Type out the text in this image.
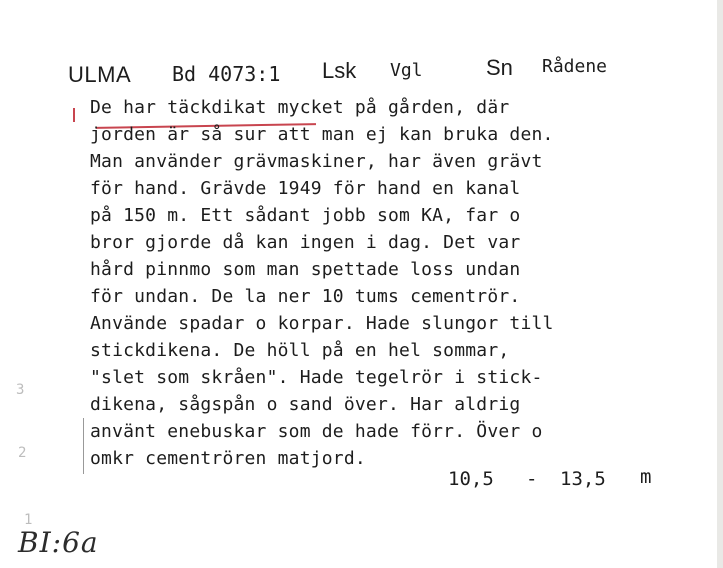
ULMA Bd 4073:1 Lsk Vgl	Sn Rådene
De har täckdikat mycket på gården, där
jorden är så sur att man ej kan bruka den.
Man använder grävmaskiner, har även grävt
för hand. Grävde 1949 för hand en kanal
på 150 m. Ett sådant jobb som KA, far o
bror gjorde då kan ingen i dag. Det var
hård pinnmo som man spettade loss undan
för undan. De la ner 10 tums cementrör.
Använde spadar o korpar. Hade slungor till
stickdikena. De höll på en hel sommar,
"slet som skråen". Hade tegelrör i stick-
dikena, sågspån o sand över. Har aldrig
använt enebuskar som de hade förr. Över o
omkr cementrören matjord.
10,5 - 13,5 m
3
2
1
BI:6a
